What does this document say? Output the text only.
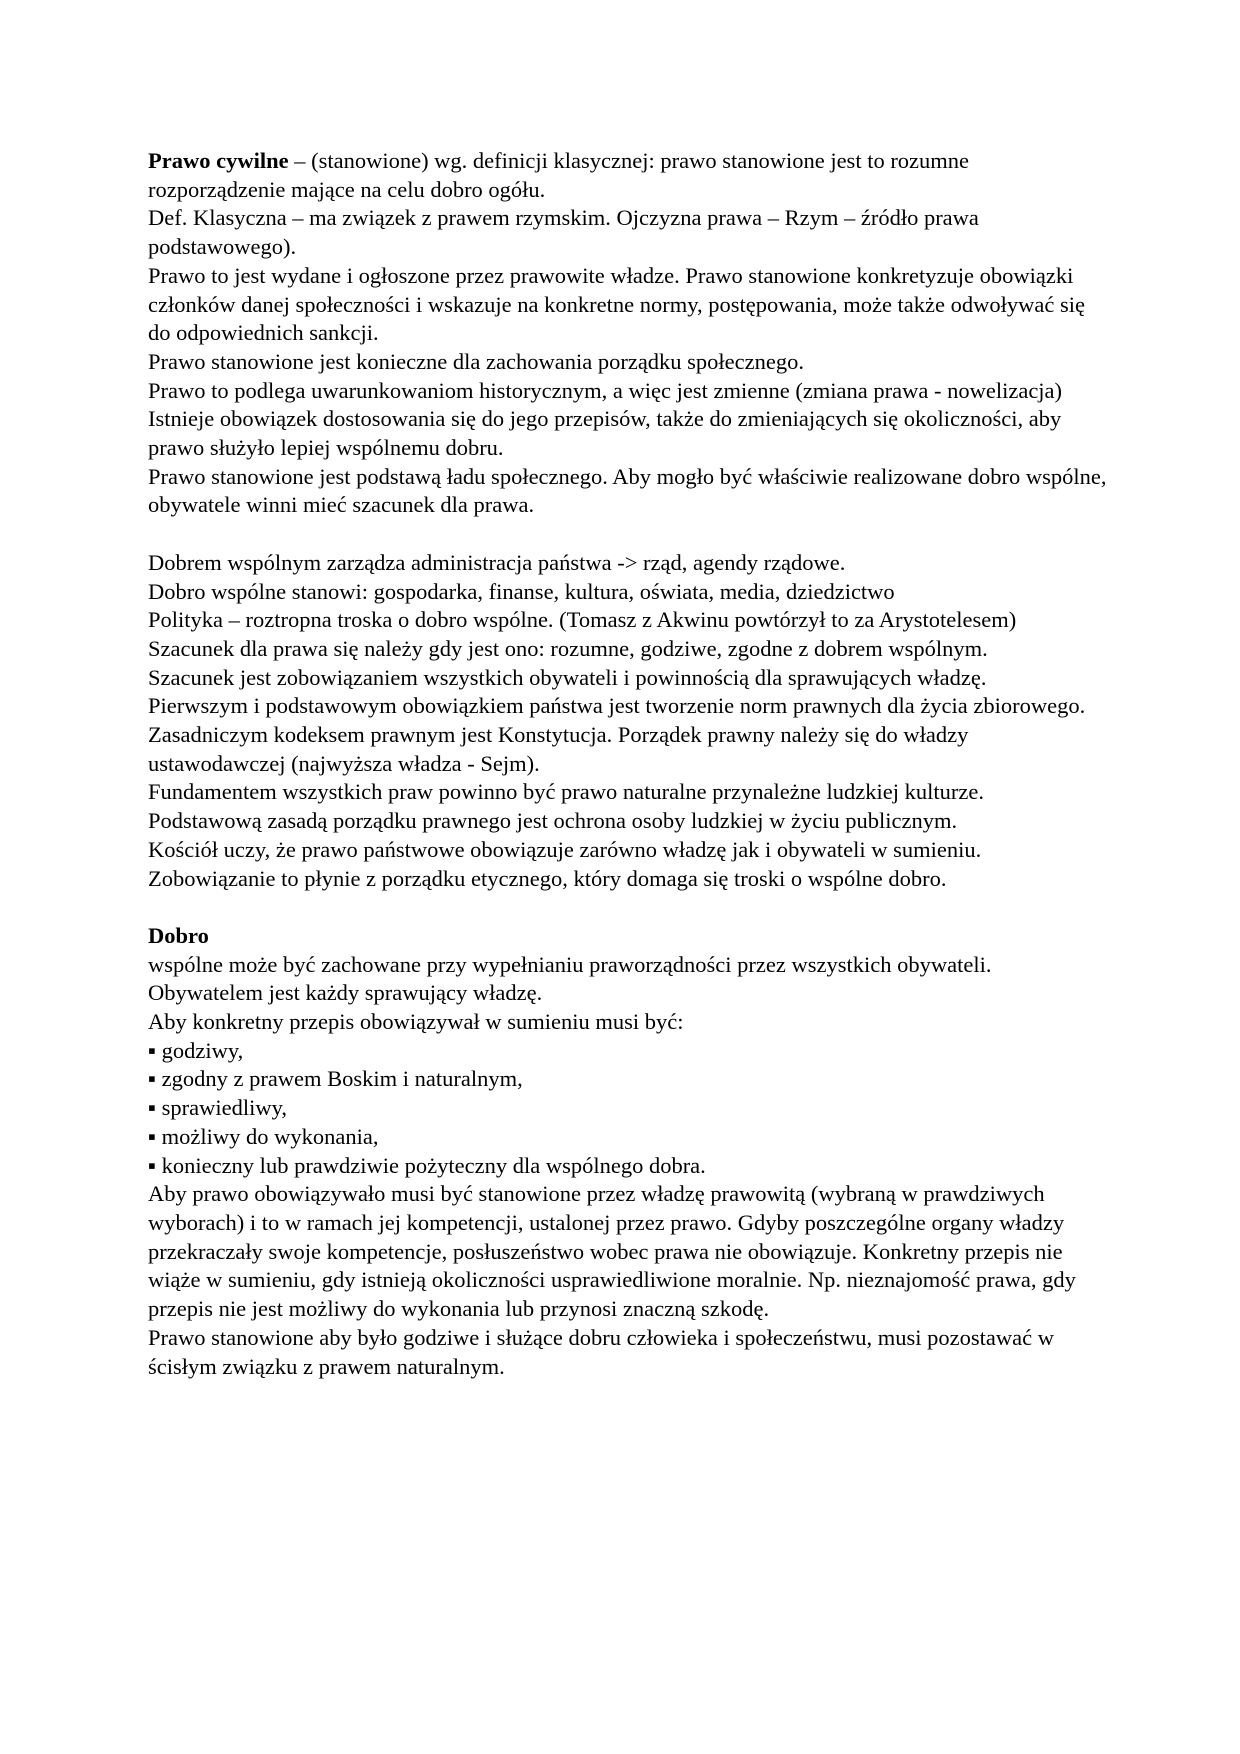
Prawo cywilne – (stanowione) wg. definicji klasycznej: prawo stanowione jest to rozumne rozporządzenie mające na celu dobro ogółu.

Def. Klasyczna – ma związek z prawem rzymskim. Ojczyzna prawa – Rzym – źródło prawa podstawowego).

Prawo to jest wydane i ogłoszone przez prawowite władze. Prawo stanowione konkretyzuje obowiązki członków danej społeczności i wskazuje na konkretne normy, postępowania, może także odwoływać się do odpowiednich sankcji.

Prawo stanowione jest konieczne dla zachowania porządku społecznego.

Prawo to podlega uwarunkowaniom historycznym, a więc jest zmienne (zmiana prawa - nowelizacja)

Istnieje obowiązek dostosowania się do jego przepisów, także do zmieniających się okoliczności, aby prawo służyło lepiej wspólnemu dobru.

Prawo stanowione jest podstawą ładu społecznego. Aby mogło być właściwie realizowane dobro wspólne, obywatele winni mieć szacunek dla prawa.

Dobrem wspólnym zarządza administracja państwa -> rząd, agendy rządowe.

Dobro wspólne stanowi: gospodarka, finanse, kultura, oświata, media, dziedzictwo

Polityka – roztropna troska o dobro wspólne. (Tomasz z Akwinu powtórzył to za Arystotelesem)

Szacunek dla prawa się należy gdy jest ono: rozumne, godziwe, zgodne z dobrem wspólnym.

Szacunek jest zobowiązaniem wszystkich obywateli i powinnością dla sprawujących władzę.

Pierwszym i podstawowym obowiązkiem państwa jest tworzenie norm prawnych dla życia zbiorowego. Zasadniczym kodeksem prawnym jest Konstytucja. Porządek prawny należy się do władzy ustawodawczej (najwyższa władza - Sejm).

Fundamentem wszystkich praw powinno być prawo naturalne przynależne ludzkiej kulturze.

Podstawową zasadą porządku prawnego jest ochrona osoby ludzkiej w życiu publicznym.

Kościół uczy, że prawo państwowe obowiązuje zarówno władzę jak i obywateli w sumieniu.

Zobowiązanie to płynie z porządku etycznego, który domaga się troski o wspólne dobro.

Dobro

wspólne może być zachowane przy wypełnianiu praworządności przez wszystkich obywateli.

Obywatelem jest każdy sprawujący władzę.

Aby konkretny przepis obowiązywał w sumieniu musi być:

▪ godziwy,
▪ zgodny z prawem Boskim i naturalnym,
▪ sprawiedliwy,
▪ możliwy do wykonania,
▪ konieczny lub prawdziwie pożyteczny dla wspólnego dobra.

Aby prawo obowiązywało musi być stanowione przez władzę prawowitą (wybraną w prawdziwych wyborach) i to w ramach jej kompetencji, ustalonej przez prawo. Gdyby poszczególne organy władzy przekraczały swoje kompetencje, posłuszeństwo wobec prawa nie obowiązuje. Konkretny przepis nie wiąże w sumieniu, gdy istnieją okoliczności usprawiedliwione moralnie. Np. nieznajomość prawa, gdy przepis nie jest możliwy do wykonania lub przynosi znaczną szkodę.

Prawo stanowione aby było godziwe i służące dobru człowieka i społeczeństwu, musi pozostawać w ścisłym związku z prawem naturalnym.
